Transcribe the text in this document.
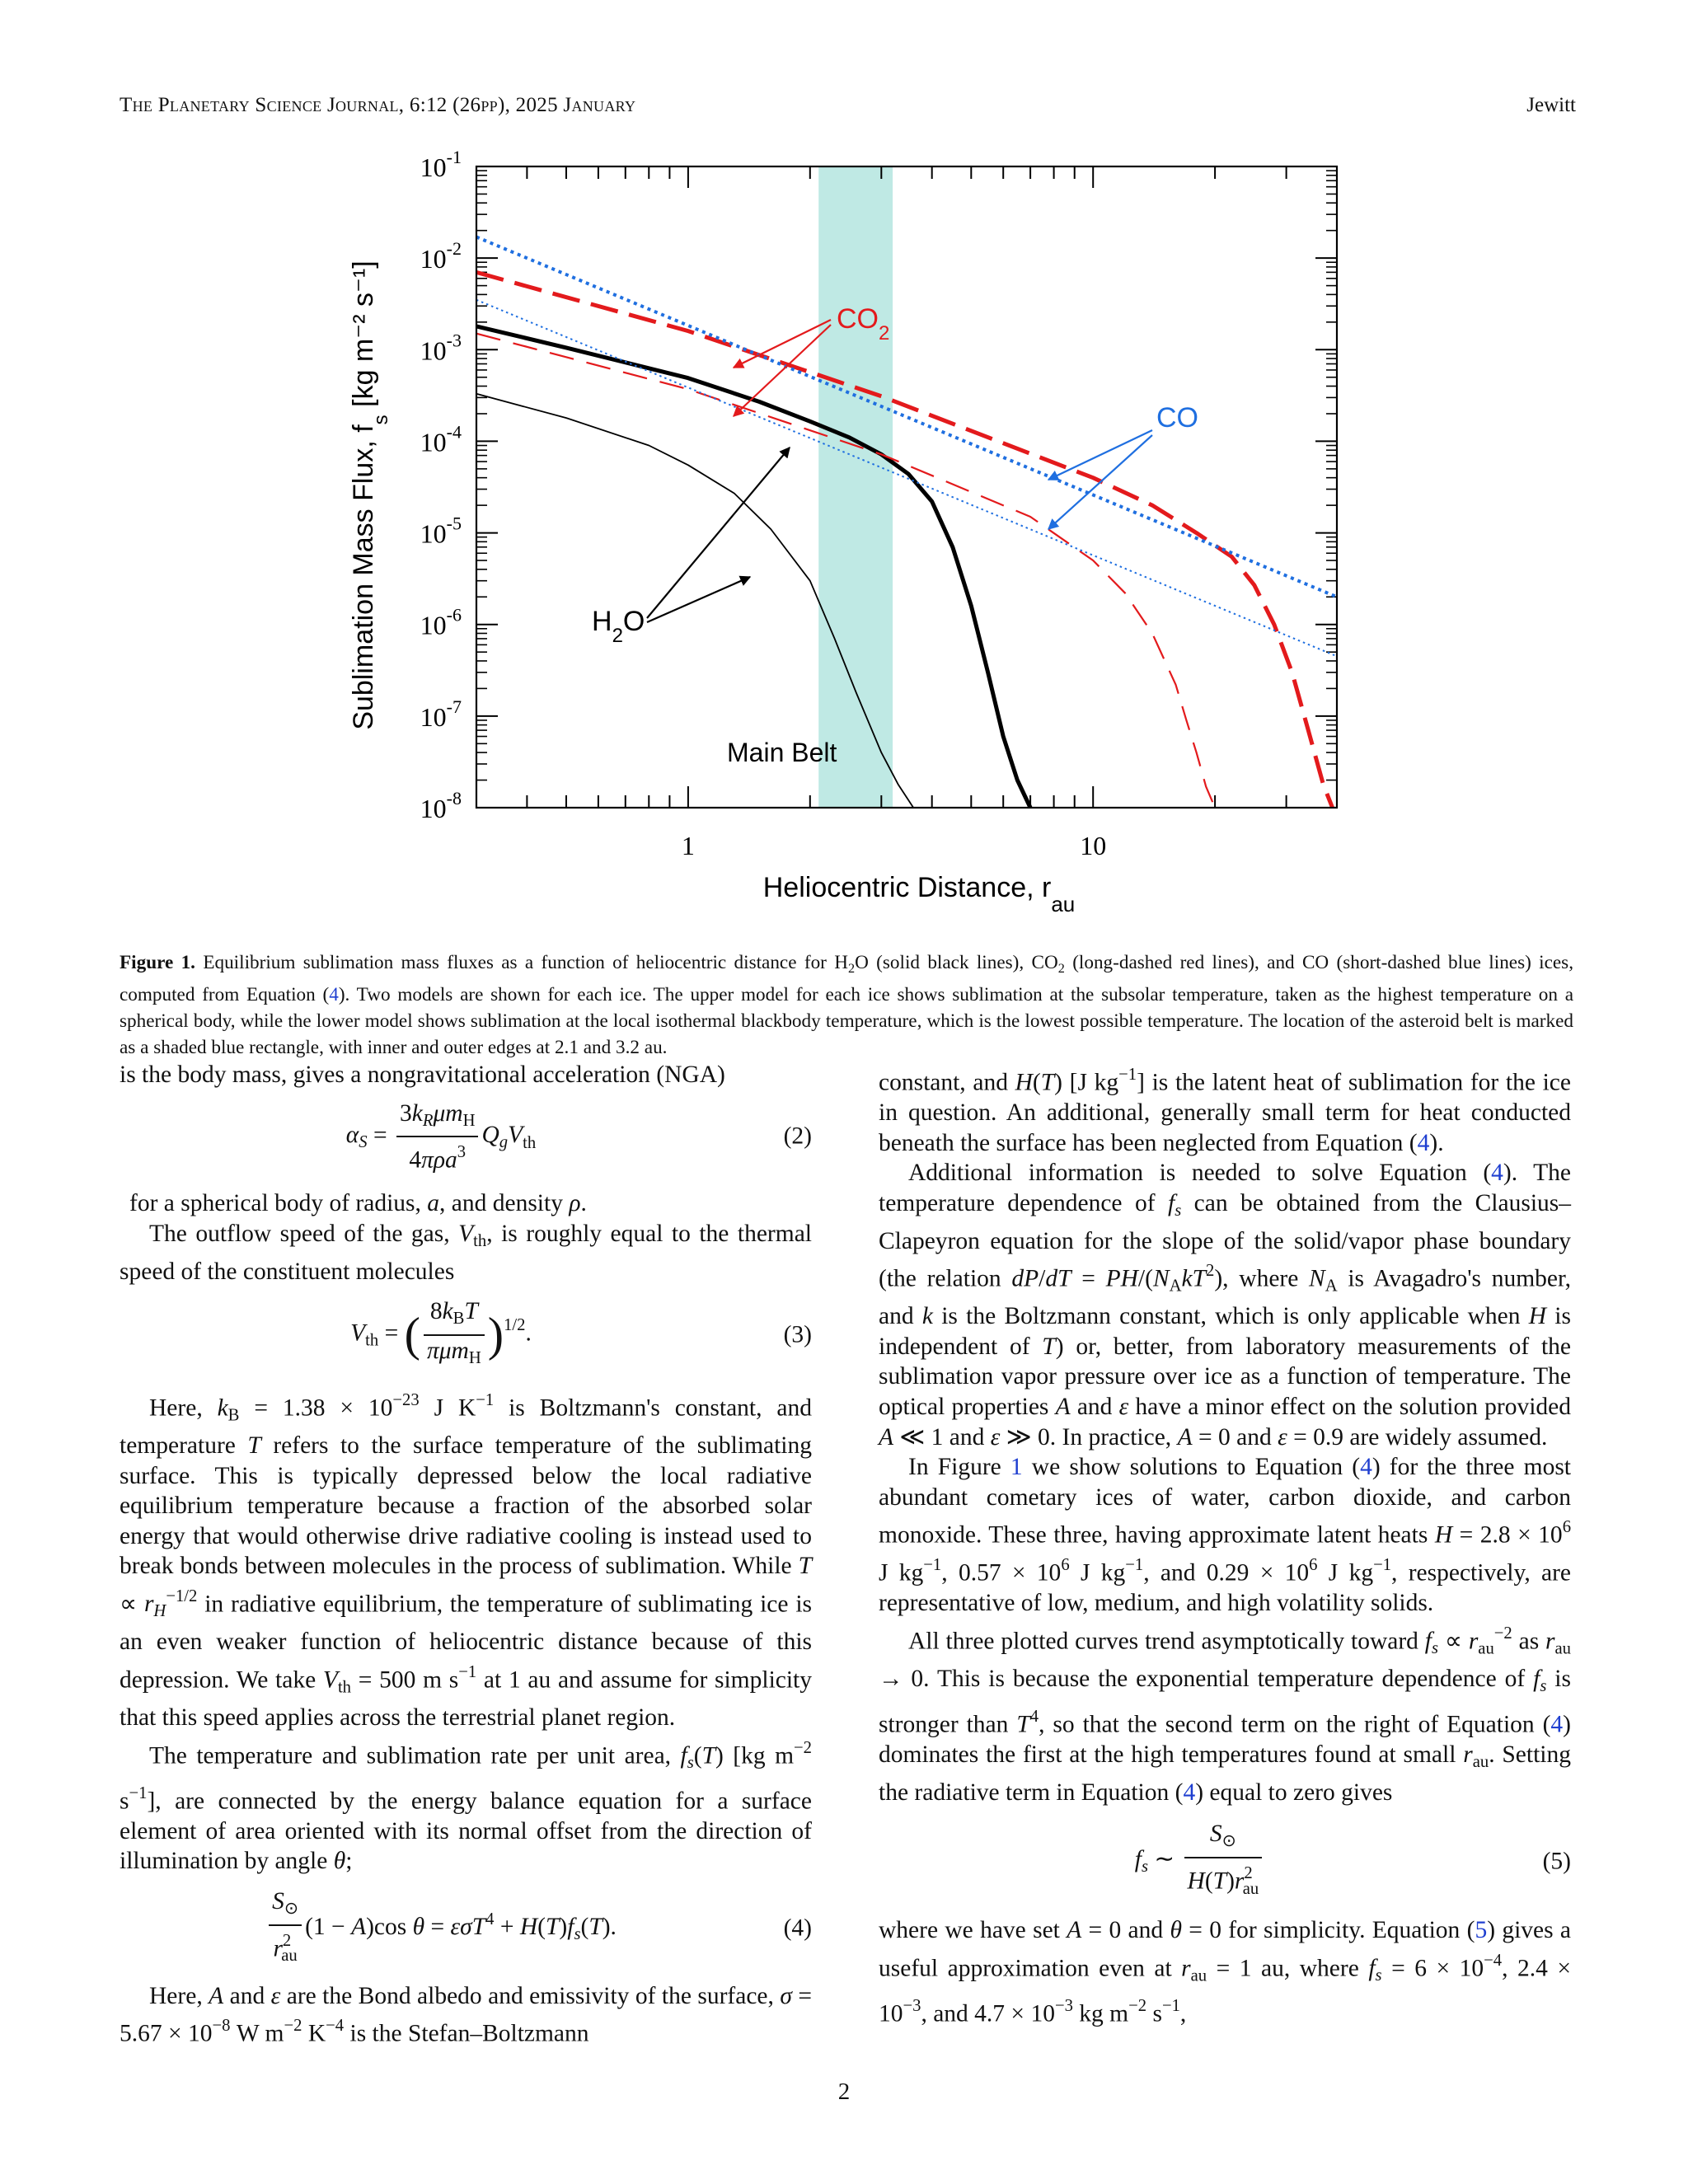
The Planetary Science Journal, 6:12 (26pp), 2025 January	Jewitt
1	10
$10^{-1}$
$10^{-2}$
$10^{-3}$
$10^{-4}$
$10^{-5}$
$10^{-6}$
$10^{-7}$
$10^{-8}$
Heliocentric Distance, $r_{au}$
Sublimation Mass Flux, $f_s$ [kg m⁻² s⁻¹]	$CO_2$
CO
$H_2O$
Main Belt
Figure 1. Equilibrium sublimation mass fluxes as a function of heliocentric distance for $H_2O$ (solid black lines), $CO_2$ (long-dashed red lines), and CO (short-dashed blue lines) ices, computed from Equation (4). Two models are shown for each ice. The upper model for each ice shows sublimation at the subsolar temperature, taken as the highest temperature on a spherical body, while the lower model shows sublimation at the local isothermal blackbody temperature, which is the lowest possible temperature. The location of the asteroid belt is marked as a shaded blue rectangle, with inner and outer edges at 2.1 and 3.2 au.

is the body mass, gives a nongravitational acceleration (NGA)

$\alpha_S = \frac{3k_R\mu m_H}{4\pi\rho a^3} Q_gV_{th}$	(2)

for a spherical body of radius, a, and density ρ.

The outflow speed of the gas, $V_{th}$, is roughly equal to the thermal speed of the constituent molecules

$V_{th}$ = ( $\frac{8k_BT}{\pi\mu m_H} )^{1/2}$.	(3)

Here, $k_B = 1.38 \times 10^{-23}$ J $K^{-1}$ is Boltzmann's constant, and temperature T refers to the surface temperature of the sublimating surface. This is typically depressed below the local radiative equilibrium temperature because a fraction of the absorbed solar energy that would otherwise drive radiative cooling is instead used to break bonds between molecules in the process of sublimation. While $T \propto r_H^{-1/2}$ in radiative equilibrium, the temperature of sublimating ice is an even weaker function of heliocentric distance because of this depression. We take $V_{th} = 500$ m $s^{-1}$ at 1 au and assume for simplicity that this speed applies across the terrestrial planet region.

The temperature and sublimation rate per unit area, $f_s(T)$ [kg $m^{-2}$ $s^{-1}$], are connected by the energy balance equation for a surface element of area oriented with its normal offset from the direction of illumination by angle θ;

$\frac{S_⊙}{r^2_{au}} (1 - A)\cos$ $\theta = \varepsilon\sigma T^4 + H(T)f_s(T)$.	(4)

Here, A and ε are the Bond albedo and emissivity of the surface, $\sigma = 5.67 \times 10^{-8}$ W $m^{-2}$ $K^{-4}$ is the Stefan–Boltzmann

constant, and H(T) [J $kg^{-1}$] is the latent heat of sublimation for the ice in question. An additional, generally small term for heat conducted beneath the surface has been neglected from Equation (4).

Additional information is needed to solve Equation (4). The temperature dependence of $f_s$ can be obtained from the Clausius–Clapeyron equation for the slope of the solid/vapor phase boundary (the relation $dP/dT = PH/(N_AkT^2)$, where $N_A$ is Avagadro's number, and k is the Boltzmann constant, which is only applicable when H is independent of T) or, better, from laboratory measurements of the sublimation vapor pressure over ice as a function of temperature. The optical properties A and ε have a minor effect on the solution provided A ≪ 1 and ε ≫ 0. In practice, A = 0 and ε = 0.9 are widely assumed.

In Figure 1 we show solutions to Equation (4) for the three most abundant cometary ices of water, carbon dioxide, and carbon monoxide. These three, having approximate latent heats $H = 2.8 \times 10^6$ J $kg^{-1}$, $0.57 \times 10^6$ J $kg^{-1}$, and $0.29 \times 10^6$ J $kg^{-1}$, respectively, are representative of low, medium, and high volatility solids.

All three plotted curves trend asymptotically toward $f_s \propto r_{au}^{-2}$ as $r_{au} \to 0$. This is because the exponential temperature dependence of $f_s$ is stronger than $T^4$, so that the second term on the right of Equation (4) dominates the first at the high temperatures found at small $r_{au}$. Setting the radiative term in Equation (4) equal to zero gives

$f_s$ ∼ $\frac{S_⊙}{H(T)r^2_{au}}$	(5)

where we have set A = 0 and θ = 0 for simplicity. Equation (5) gives a useful approximation even at $r_{au} = 1$ au, where $f_s = 6 \times 10^{-4}$, $2.4 \times 10^{-3}$, and $4.7 \times 10^{-3}$ kg $m^{-2}$ $s^{-1}$,

2
